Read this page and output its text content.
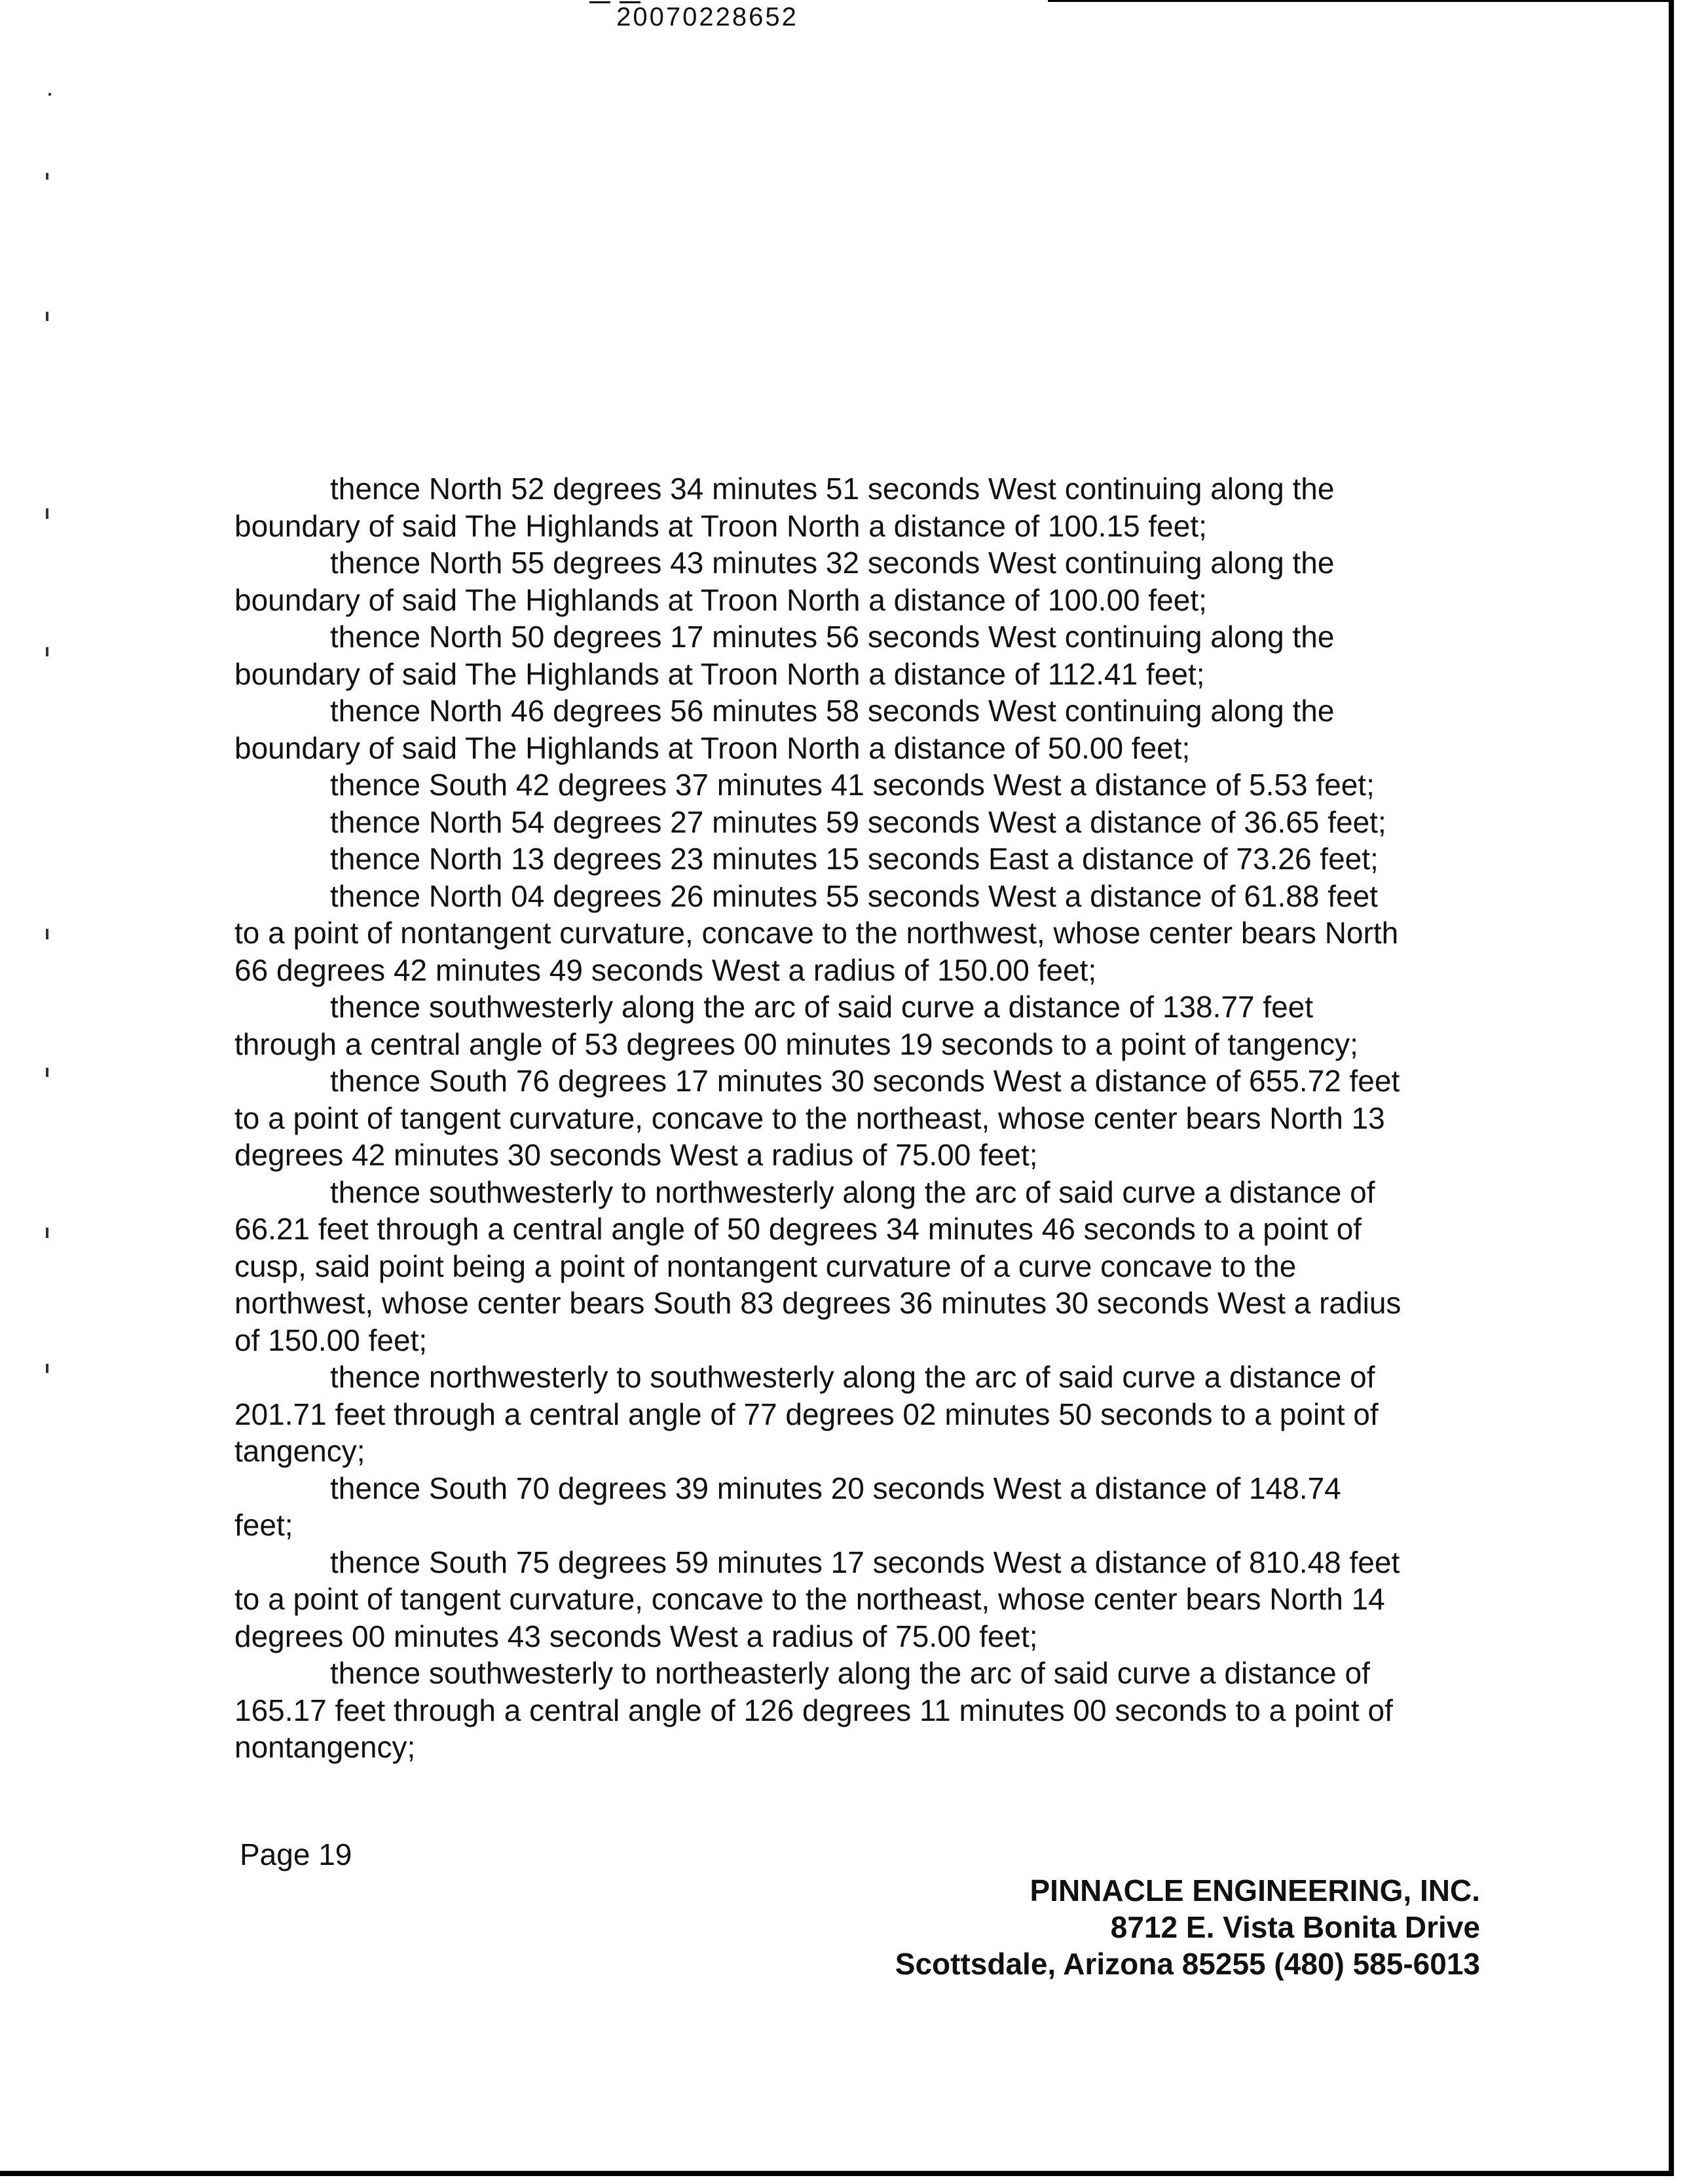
20070228652
thence North 52 degrees 34 minutes 51 seconds West continuing along the
boundary of said The Highlands at Troon North a distance of 100.15 feet;
thence North 55 degrees 43 minutes 32 seconds West continuing along the
boundary of said The Highlands at Troon North a distance of 100.00 feet;
thence North 50 degrees 17 minutes 56 seconds West continuing along the
boundary of said The Highlands at Troon North a distance of 112.41 feet;
thence North 46 degrees 56 minutes 58 seconds West continuing along the
boundary of said The Highlands at Troon North a distance of 50.00 feet;
thence South 42 degrees 37 minutes 41 seconds West a distance of 5.53 feet;
thence North 54 degrees 27 minutes 59 seconds West a distance of 36.65 feet;
thence North 13 degrees 23 minutes 15 seconds East a distance of 73.26 feet;
thence North 04 degrees 26 minutes 55 seconds West a distance of 61.88 feet
to a point of nontangent curvature, concave to the northwest, whose center bears North
66 degrees 42 minutes 49 seconds West a radius of 150.00 feet;
thence southwesterly along the arc of said curve a distance of 138.77 feet
through a central angle of 53 degrees 00 minutes 19 seconds to a point of tangency;
thence South 76 degrees 17 minutes 30 seconds West a distance of 655.72 feet
to a point of tangent curvature, concave to the northeast, whose center bears North 13
degrees 42 minutes 30 seconds West a radius of 75.00 feet;
thence southwesterly to northwesterly along the arc of said curve a distance of
66.21 feet through a central angle of 50 degrees 34 minutes 46 seconds to a point of
cusp, said point being a point of nontangent curvature of a curve concave to the
northwest, whose center bears South 83 degrees 36 minutes 30 seconds West a radius
of 150.00 feet;
thence northwesterly to southwesterly along the arc of said curve a distance of
201.71 feet through a central angle of 77 degrees 02 minutes 50 seconds to a point of
tangency;
thence South 70 degrees 39 minutes 20 seconds West a distance of 148.74
feet;
thence South 75 degrees 59 minutes 17 seconds West a distance of 810.48 feet
to a point of tangent curvature, concave to the northeast, whose center bears North 14
degrees 00 minutes 43 seconds West a radius of 75.00 feet;
thence southwesterly to northeasterly along the arc of said curve a distance of
165.17 feet through a central angle of 126 degrees 11 minutes 00 seconds to a point of
nontangency;
Page 19
PINNACLE ENGINEERING, INC.
8712 E. Vista Bonita Drive
Scottsdale, Arizona 85255 (480) 585-6013
